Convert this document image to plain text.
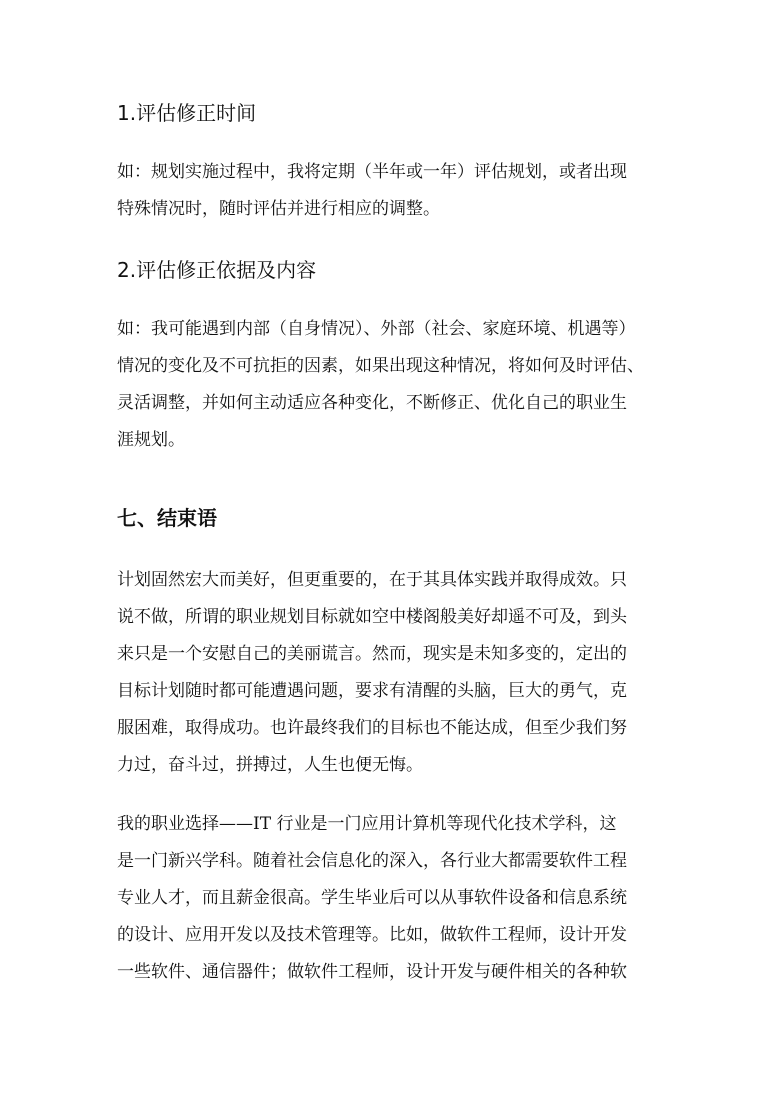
1.评估修正时间
如：规划实施过程中，我将定期（半年或一年）评估规划，或者出现
特殊情况时，随时评估并进行相应的调整。
2.评估修正依据及内容
如：我可能遇到内部（自身情况）、外部（社会、家庭环境、机遇等）
情况的变化及不可抗拒的因素，如果出现这种情况，将如何及时评估、
灵活调整，并如何主动适应各种变化，不断修正、优化自己的职业生
涯规划。
七、结束语
计划固然宏大而美好，但更重要的，在于其具体实践并取得成效。只
说不做，所谓的职业规划目标就如空中楼阁般美好却遥不可及，到头
来只是一个安慰自己的美丽谎言。然而，现实是未知多变的，定出的
目标计划随时都可能遭遇问题，要求有清醒的头脑，巨大的勇气，克
服困难，取得成功。也许最终我们的目标也不能达成，但至少我们努
力过，奋斗过，拼搏过，人生也便无悔。
我的职业选择——IT 行业是一门应用计算机等现代化技术学科，这
是一门新兴学科。随着社会信息化的深入，各行业大都需要软件工程
专业人才，而且薪金很高。学生毕业后可以从事软件设备和信息系统
的设计、应用开发以及技术管理等。比如，做软件工程师，设计开发
一些软件、通信器件；做软件工程师，设计开发与硬件相关的各种软
